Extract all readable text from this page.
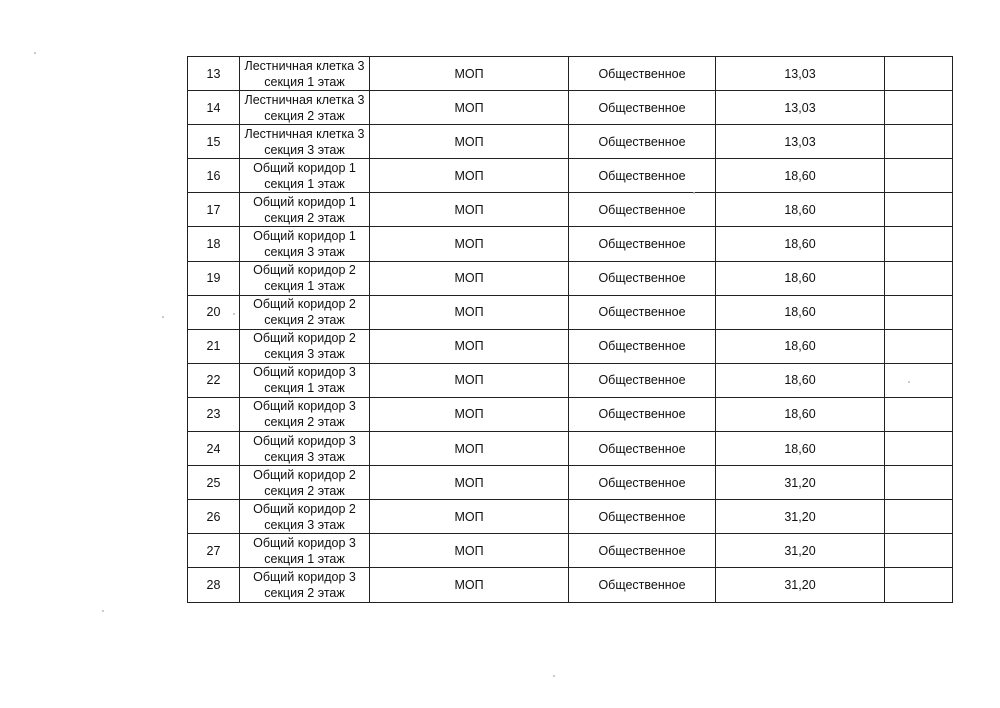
13	Лестничная клетка 3
секция 1 этаж	МОП	Общественное	13,03	
14	Лестничная клетка 3
секция 2 этаж	МОП	Общественное	13,03	
15	Лестничная клетка 3
секция 3 этаж	МОП	Общественное	13,03	
16	Общий коридор 1
секция 1 этаж	МОП	Общественное	18,60	
17	Общий коридор 1
секция 2 этаж	МОП	Общественное	18,60	
18	Общий коридор 1
секция 3 этаж	МОП	Общественное	18,60	
19	Общий коридор 2
секция 1 этаж	МОП	Общественное	18,60	
20	Общий коридор 2
секция 2 этаж	МОП	Общественное	18,60	
21	Общий коридор 2
секция 3 этаж	МОП	Общественное	18,60	
22	Общий коридор 3
секция 1 этаж	МОП	Общественное	18,60	
23	Общий коридор 3
секция 2 этаж	МОП	Общественное	18,60	
24	Общий коридор 3
секция 3 этаж	МОП	Общественное	18,60	
25	Общий коридор 2
секция 2 этаж	МОП	Общественное	31,20	
26	Общий коридор 2
секция 3 этаж	МОП	Общественное	31,20	
27	Общий коридор 3
секция 1 этаж	МОП	Общественное	31,20	
28	Общий коридор 3
секция 2 этаж	МОП	Общественное	31,20	
